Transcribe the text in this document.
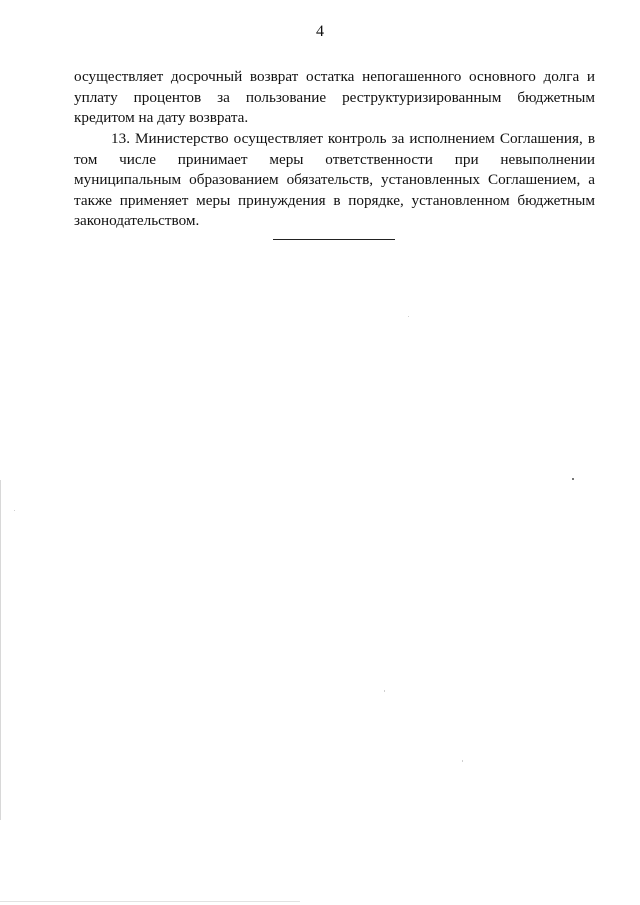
4
осуществляет досрочный возврат остатка непогашенного основного долга и
уплату процентов за пользование реструктуризированным бюджетным
кредитом на дату возврата.
13. Министерство осуществляет контроль за исполнением Соглашения, в
том числе принимает меры ответственности при невыполнении
муниципальным образованием обязательств, установленных Соглашением, а
также применяет меры принуждения в порядке, установленном бюджетным
законодательством.
